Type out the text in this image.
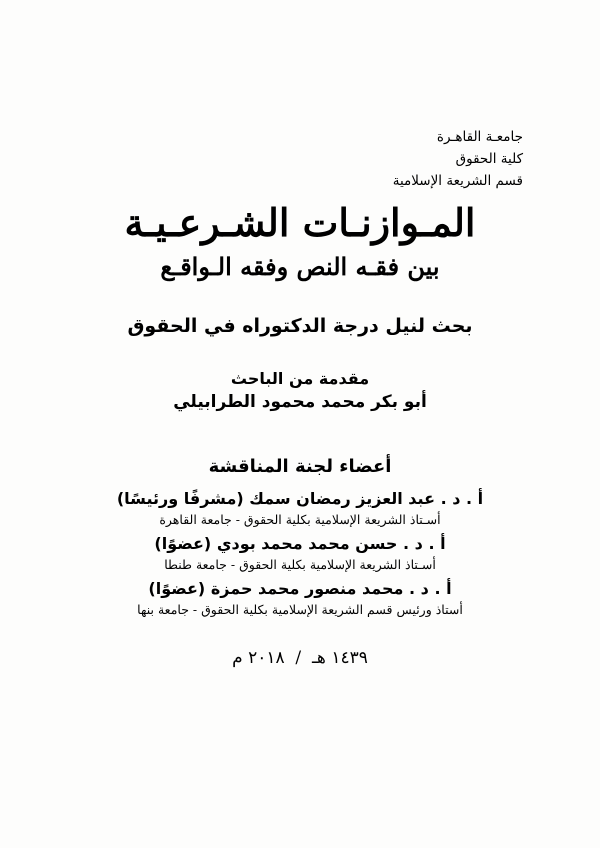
جامعـة القاهـرة
كلية الحقوق
قسم الشريعة الإسلامية
المـوازنـات الشـرعـيـة
بين فقـه النص وفقه الـواقـع
بحث لنيل درجة الدكتوراه في الحقوق
مقدمة من الباحث
أبو بكر محمد محمود الطرابيلي
أعضاء لجنة المناقشة
أ . د . عبد العزيز رمضان سمك (مشرفًا ورئيسًا)
أسـتاذ الشريعة الإسلامية بكلية الحقوق - جامعة القاهرة
أ . د . حسن محمد محمد بودي (عضوًا)
أسـتاذ الشريعة الإسلامية بكلية الحقوق - جامعة طنطا
أ . د . محمد منصور محمد حمزة (عضوًا)
أستاذ ورئيس قسم الشريعة الإسلامية بكلية الحقوق - جامعة بنها
١٤٣٩ هـ  /  ٢٠١٨ م
